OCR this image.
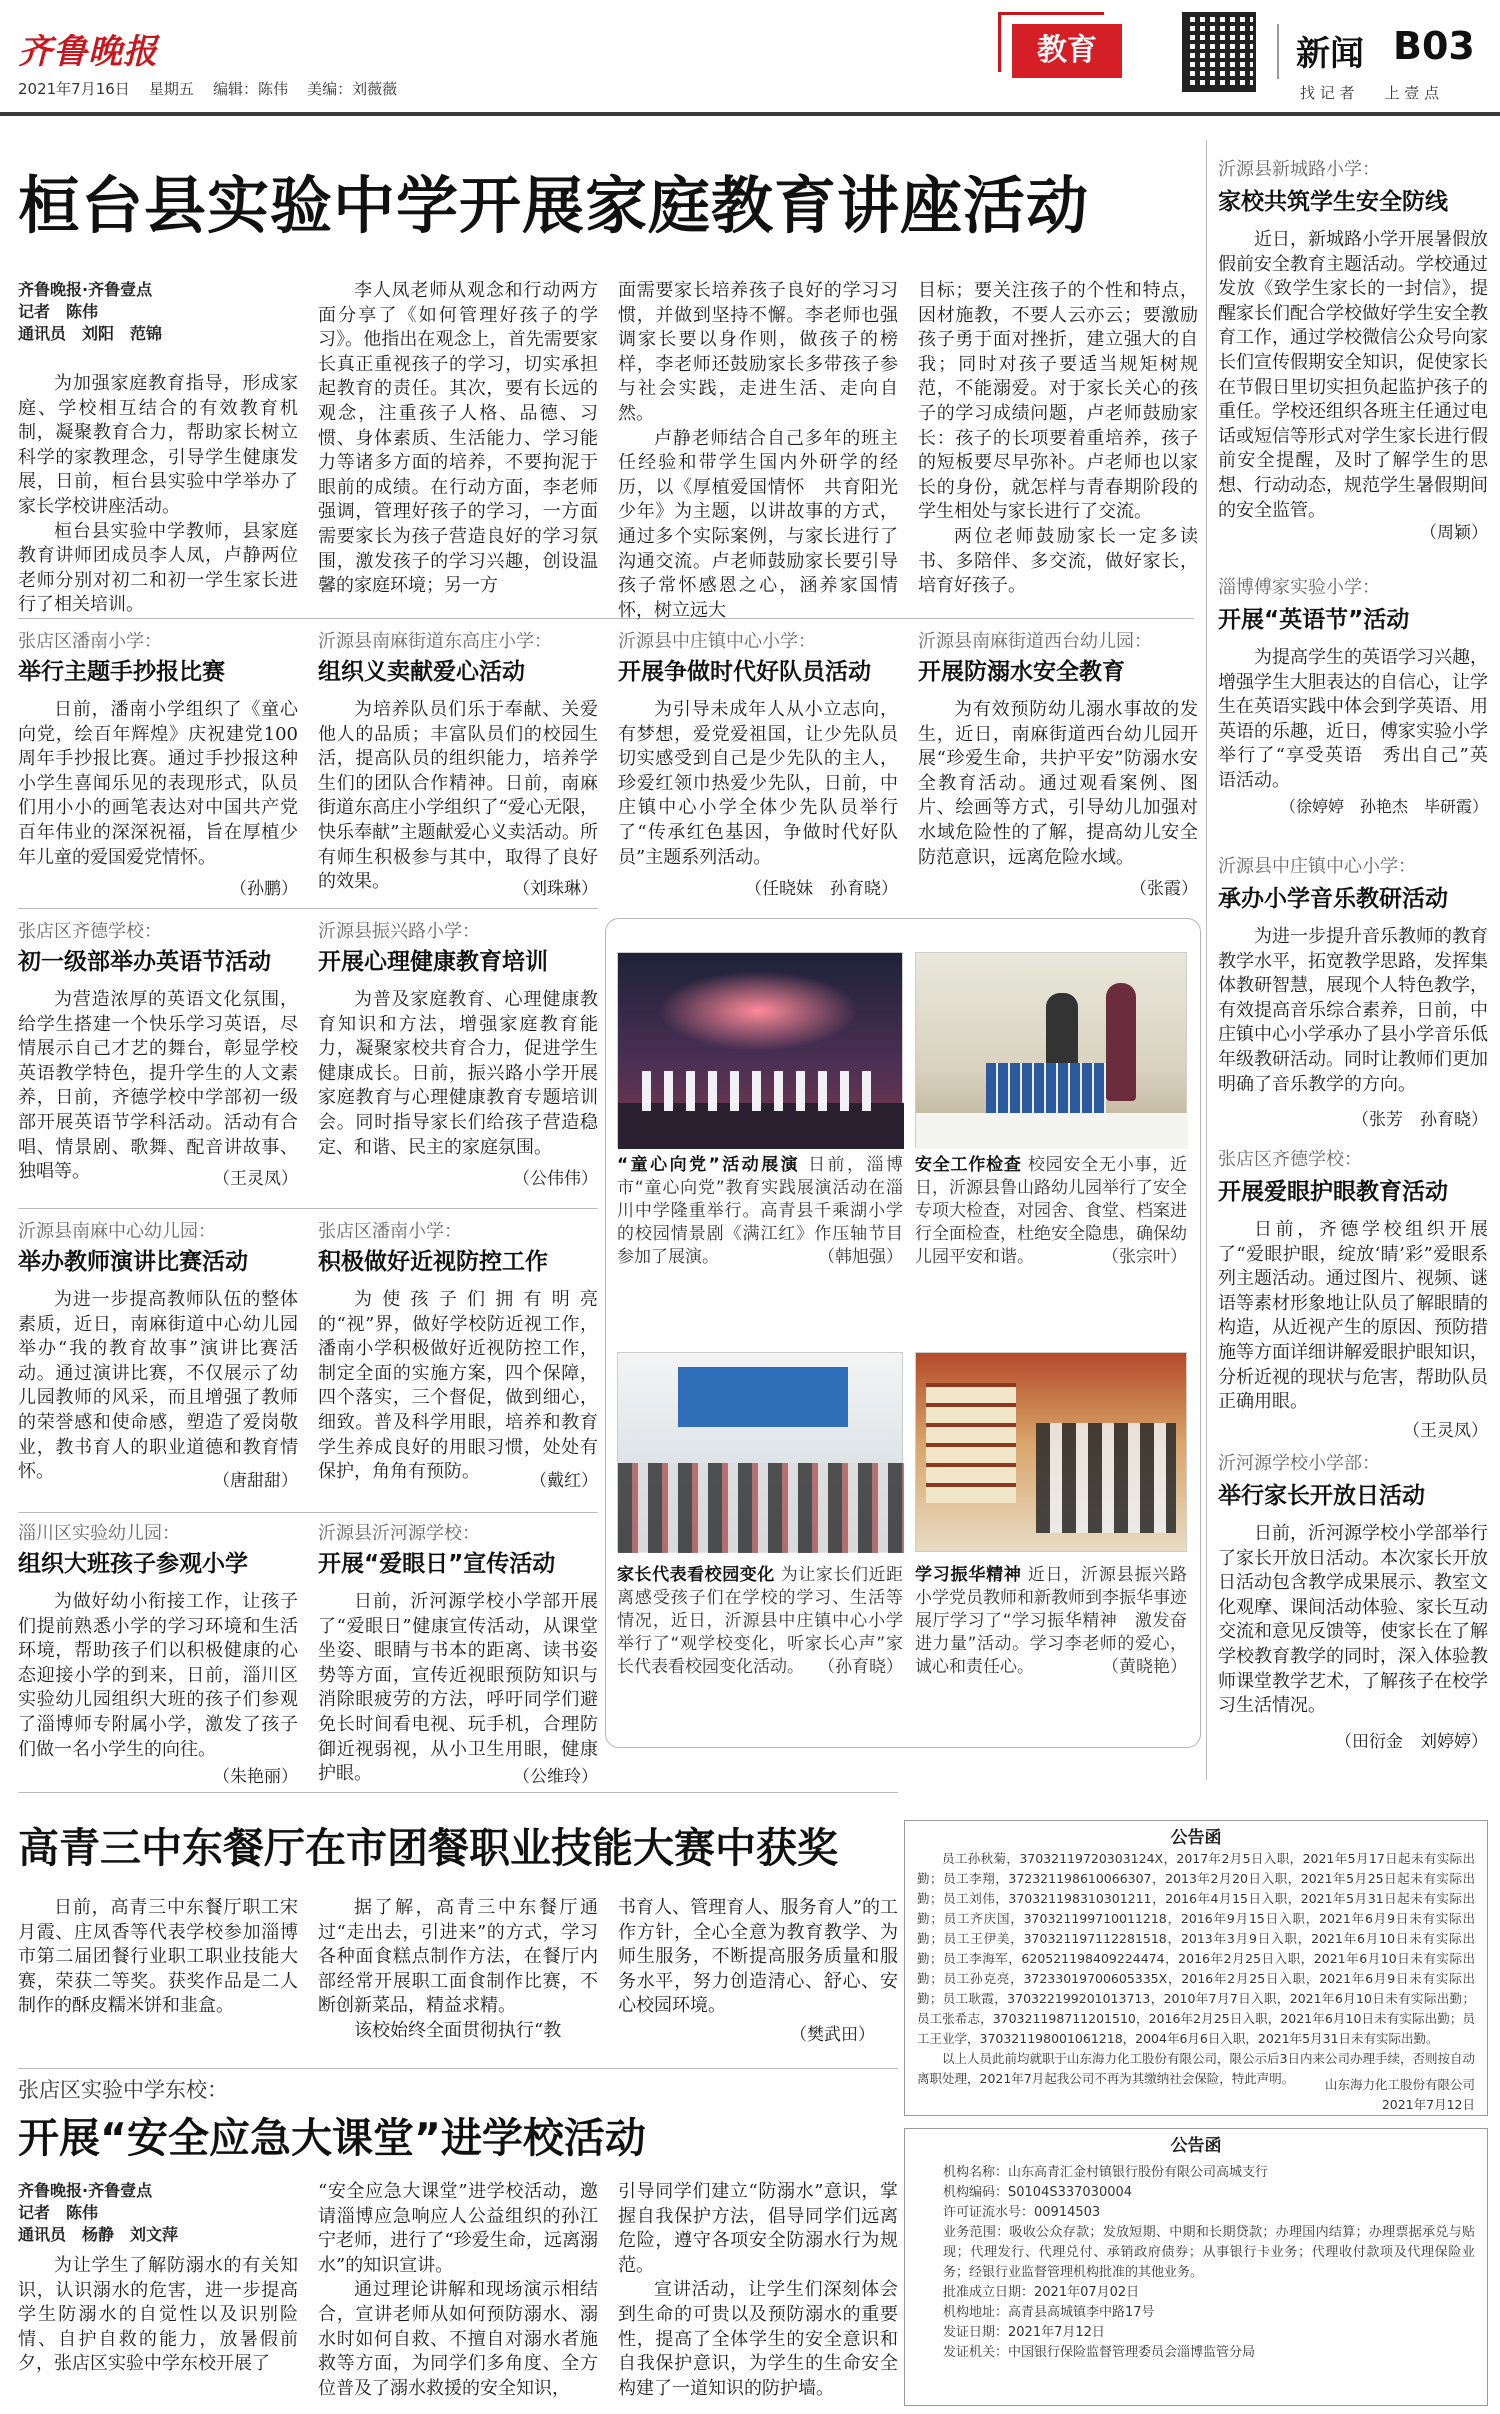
齐鲁晚报
2021年7月16日 星期五 编辑：陈伟 美编：刘薇薇
教育	新闻 B03
找 记 者　　上 壹 点
桓台县实验中学开展家庭教育讲座活动
齐鲁晚报·齐鲁壹点
记者　陈伟
通讯员　刘阳　范锦

为加强家庭教育指导，形成家庭、学校相互结合的有效教育机制，凝聚教育合力，帮助家长树立科学的家教理念，引导学生健康发展，日前，桓台县实验中学举办了家长学校讲座活动。

桓台县实验中学教师，县家庭教育讲师团成员李人凤，卢静两位老师分别对初二和初一学生家长进行了相关培训。

李人凤老师从观念和行动两方面分享了《如何管理好孩子的学习》。他指出在观念上，首先需要家长真正重视孩子的学习，切实承担起教育的责任。其次，要有长远的观念，注重孩子人格、品德、习惯、身体素质、生活能力、学习能力等诸多方面的培养，不要拘泥于眼前的成绩。在行动方面，李老师强调，管理好孩子的学习，一方面需要家长为孩子营造良好的学习氛围，激发孩子的学习兴趣，创设温馨的家庭环境；另一方

面需要家长培养孩子良好的学习习惯，并做到坚持不懈。李老师也强调家长要以身作则，做孩子的榜样，李老师还鼓励家长多带孩子参与社会实践，走进生活、走向自然。

卢静老师结合自己多年的班主任经验和带学生国内外研学的经历，以《厚植爱国情怀　共育阳光少年》为主题，以讲故事的方式，通过多个实际案例，与家长进行了沟通交流。卢老师鼓励家长要引导孩子常怀感恩之心，涵养家国情怀，树立远大

目标；要关注孩子的个性和特点，因材施教，不要人云亦云；要激励孩子勇于面对挫折，建立强大的自我；同时对孩子要适当规矩树规范，不能溺爱。对于家长关心的孩子的学习成绩问题，卢老师鼓励家长：孩子的长项要着重培养，孩子的短板要尽早弥补。卢老师也以家长的身份，就怎样与青春期阶段的学生相处与家长进行了交流。

两位老师鼓励家长一定多读书、多陪伴、多交流，做好家长，培育好孩子。

张店区潘南小学：
举行主题手抄报比赛

日前，潘南小学组织了《童心向党，绘百年辉煌》庆祝建党100周年手抄报比赛。通过手抄报这种小学生喜闻乐见的表现形式，队员们用小小的画笔表达对中国共产党百年伟业的深深祝福，旨在厚植少年儿童的爱国爱党情怀。

（孙鹏）
沂源县南麻街道东高庄小学：
组织义卖献爱心活动

为培养队员们乐于奉献、关爱他人的品质；丰富队员们的校园生活，提高队员的组织能力，培养学生们的团队合作精神。日前，南麻街道东高庄小学组织了“爱心无限，快乐奉献”主题献爱心义卖活动。所有师生积极参与其中，取得了良好的效果。	（刘珠琳）
沂源县中庄镇中心小学：
开展争做时代好队员活动

为引导未成年人从小立志向，有梦想，爱党爱祖国，让少先队员切实感受到自己是少先队的主人，珍爱红领巾热爱少先队，日前，中庄镇中心小学全体少先队员举行了“传承红色基因，争做时代好队员”主题系列活动。

（任晓妹　孙育晓）
沂源县南麻街道西台幼儿园：
开展防溺水安全教育

为有效预防幼儿溺水事故的发生，近日，南麻街道西台幼儿园开展“珍爱生命，共护平安”防溺水安全教育活动。通过观看案例、图片、绘画等方式，引导幼儿加强对水域危险性的了解，提高幼儿安全防范意识，远离危险水域。

（张霞）
张店区齐德学校：
初一级部举办英语节活动

为营造浓厚的英语文化氛围，给学生搭建一个快乐学习英语，尽情展示自己才艺的舞台，彰显学校英语教学特色，提升学生的人文素养，日前，齐德学校中学部初一级部开展英语节学科活动。活动有合唱、情景剧、歌舞、配音讲故事、独唱等。	（王灵凤）
沂源县振兴路小学：
开展心理健康教育培训

为普及家庭教育、心理健康教育知识和方法，增强家庭教育能力，凝聚家校共育合力，促进学生健康成长。日前，振兴路小学开展家庭教育与心理健康教育专题培训会。同时指导家长们给孩子营造稳定、和谐、民主的家庭氛围。

（公伟伟）
沂源县南麻中心幼儿园：
举办教师演讲比赛活动

为进一步提高教师队伍的整体素质，近日，南麻街道中心幼儿园举办“我的教育故事”演讲比赛活动。通过演讲比赛，不仅展示了幼儿园教师的风采，而且增强了教师的荣誉感和使命感，塑造了爱岗敬业，教书育人的职业道德和教育情怀。	（唐甜甜）
张店区潘南小学：
积极做好近视防控工作

为使孩子们拥有明亮的“视”界，做好学校防近视工作，潘南小学积极做好近视防控工作，制定全面的实施方案，四个保障，四个落实，三个督促，做到细心，细致。普及科学用眼，培养和教育学生养成良好的用眼习惯，处处有保护，角角有预防。	（戴红）
淄川区实验幼儿园：
组织大班孩子参观小学

为做好幼小衔接工作，让孩子们提前熟悉小学的学习环境和生活环境，帮助孩子们以积极健康的心态迎接小学的到来，日前，淄川区实验幼儿园组织大班的孩子们参观了淄博师专附属小学，激发了孩子们做一名小学生的向往。

（朱艳丽）
沂源县沂河源学校：
开展“爱眼日”宣传活动

日前，沂河源学校小学部开展了“爱眼日”健康宣传活动，从课堂坐姿、眼睛与书本的距离、读书姿势等方面，宣传近视眼预防知识与消除眼疲劳的方法，呼吁同学们避免长时间看电视、玩手机，合理防御近视弱视，从小卫生用眼，健康护眼。	（公维玲）
“童心向党”活动展演 日前，淄博市“童心向党”教育实践展演活动在淄川中学隆重举行。高青县千乘湖小学的校园情景剧《满江红》作压轴节目参加了展演。	（韩旭强）
安全工作检查 校园安全无小事，近日，沂源县鲁山路幼儿园举行了安全专项大检查，对园舍、食堂、档案进行全面检查，杜绝安全隐患，确保幼儿园平安和谐。	（张宗叶）
家长代表看校园变化 为让家长们近距离感受孩子们在学校的学习、生活等情况，近日，沂源县中庄镇中心小学举行了“观学校变化，听家长心声”家长代表看校园变化活动。 （孙育晓）
学习振华精神 近日，沂源县振兴路小学党员教师和新教师到李振华事迹展厅学习了“学习振华精神　激发奋进力量”活动。学习李老师的爱心，诚心和责任心。	（黄晓艳）
沂源县新城路小学：
家校共筑学生安全防线

近日，新城路小学开展暑假放假前安全教育主题活动。学校通过发放《致学生家长的一封信》，提醒家长们配合学校做好学生安全教育工作，通过学校微信公众号向家长们宣传假期安全知识，促使家长在节假日里切实担负起监护孩子的重任。学校还组织各班主任通过电话或短信等形式对学生家长进行假前安全提醒，及时了解学生的思想、行动动态，规范学生暑假期间的安全监管。

（周颖）
淄博傅家实验小学：
开展“英语节”活动

为提高学生的英语学习兴趣，增强学生大胆表达的自信心，让学生在英语实践中体会到学英语、用英语的乐趣，近日，傅家实验小学举行了“享受英语　秀出自己”英语活动。

（徐婷婷　孙艳杰　毕研霞）
沂源县中庄镇中心小学：
承办小学音乐教研活动

为进一步提升音乐教师的教育教学水平，拓宽教学思路，发挥集体教研智慧，展现个人特色教学，有效提高音乐综合素养，日前，中庄镇中心小学承办了县小学音乐低年级教研活动。同时让教师们更加明确了音乐教学的方向。

（张芳　孙育晓）
张店区齐德学校：
开展爱眼护眼教育活动

日前，齐德学校组织开展了“爱眼护眼，绽放‘睛’彩”爱眼系列主题活动。通过图片、视频、谜语等素材形象地让队员了解眼睛的构造，从近视产生的原因、预防措施等方面详细讲解爱眼护眼知识，分析近视的现状与危害，帮助队员正确用眼。

（王灵凤）
沂河源学校小学部：
举行家长开放日活动

日前，沂河源学校小学部举行了家长开放日活动。本次家长开放日活动包含教学成果展示、教室文化观摩、课间活动体验、家长互动交流和意见反馈等，使家长在了解学校教育教学的同时，深入体验教师课堂教学艺术，了解孩子在校学习生活情况。

（田衍金　刘婷婷）
高青三中东餐厅在市团餐职业技能大赛中获奖

日前，高青三中东餐厅职工宋月霞、庄凤香等代表学校参加淄博市第二届团餐行业职工职业技能大赛，荣获二等奖。获奖作品是二人制作的酥皮糯米饼和韭盒。

据了解，高青三中东餐厅通过“走出去，引进来”的方式，学习各种面食糕点制作方法，在餐厅内部经常开展职工面食制作比赛，不断创新菜品，精益求精。

该校始终全面贯彻执行“教

书育人、管理育人、服务育人”的工作方针，全心全意为教育教学、为师生服务，不断提高服务质量和服务水平，努力创造清心、舒心、安心校园环境。

（樊武田）
张店区实验中学东校：
开展“安全应急大课堂”进学校活动
齐鲁晚报·齐鲁壹点
记者　陈伟
通讯员　杨静　刘文萍

为让学生了解防溺水的有关知识，认识溺水的危害，进一步提高学生防溺水的自觉性以及识别险情、自护自救的能力，放暑假前夕，张店区实验中学东校开展了

“安全应急大课堂”进学校活动，邀请淄博应急响应人公益组织的孙江宁老师，进行了“珍爱生命，远离溺水”的知识宣讲。

通过理论讲解和现场演示相结合，宣讲老师从如何预防溺水、溺水时如何自救、不擅自对溺水者施救等方面，为同学们多角度、全方位普及了溺水救援的安全知识，

引导同学们建立“防溺水”意识，掌握自我保护方法，倡导同学们远离危险，遵守各项安全防溺水行为规范。

宣讲活动，让学生们深刻体会到生命的可贵以及预防溺水的重要性，提高了全体学生的安全意识和自我保护意识，为学生的生命安全构建了一道知识的防护墙。

公告函

员工孙秋菊，37032119720303124X，2017年2月5日入职，2021年5月17日起未有实际出勤；员工李翔，372321198610066307，2013年2月20日入职，2021年5月25日起未有实际出勤；员工刘伟，370321198310301211，2016年4月15日入职，2021年5月31日起未有实际出勤；员工齐庆国，370321199710011218，2016年9月15日入职，2021年6月9日未有实际出勤；员工王伊美，370321197112281518，2013年3月9日入职，2021年6月10日未有实际出勤；员工李海军，620521198409224474，2016年2月25日入职，2021年6月10日未有实际出勤；员工孙克亮，37233019700605335X，2016年2月25日入职，2021年6月9日未有实际出勤；员工耿霞，370322199201013713，2010年7月7日入职，2021年6月10日未有实际出勤；员工张希志，370321198711201510，2016年2月25日入职，2021年6月10日未有实际出勤；员工王业学，370321198001061218，2004年6月6日入职，2021年5月31日未有实际出勤。

以上人员此前均就职于山东海力化工股份有限公司，限公示后3日内来公司办理手续，否则按自动离职处理，2021年7月起我公司不再为其缴纳社会保险，特此声明。	山东海力化工股份有限公司
2021年7月12日
公告函
机构名称：山东高青汇金村镇银行股份有限公司高城支行
机构编码：S0104S337030004
许可证流水号：00914503
业务范围：吸收公众存款；发放短期、中期和长期贷款；办理国内结算；办理票据承兑与贴现；代理发行、代理兑付、承销政府债券；从事银行卡业务；代理收付款项及代理保险业务；经银行业监督管理机构批准的其他业务。
批准成立日期：2021年07月02日
机构地址：高青县高城镇李中路17号
发证日期：2021年7月12日
发证机关：中国银行保险监督管理委员会淄博监管分局
